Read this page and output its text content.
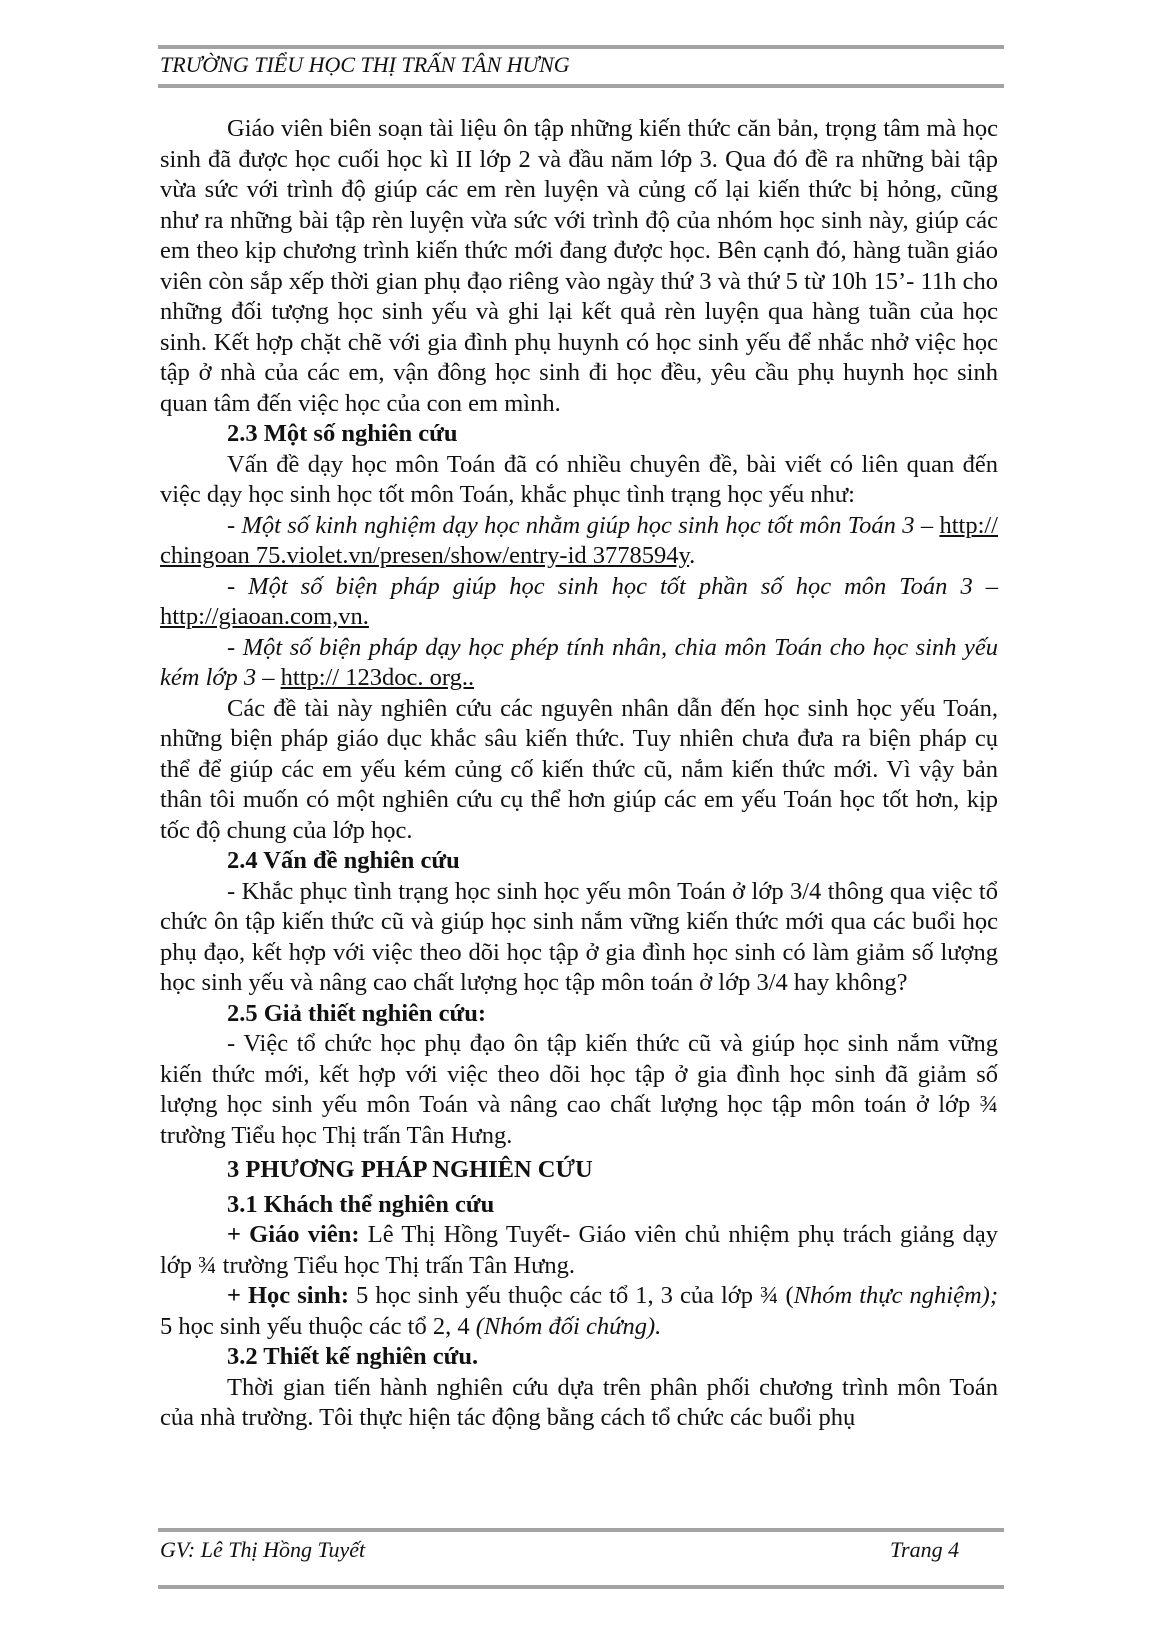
TRƯỜNG TIỂU HỌC THỊ TRẤN TÂN HƯNG

Giáo viên biên soạn tài liệu ôn tập những kiến thức căn bản, trọng tâm mà học sinh đã được học cuối học kì II lớp 2 và đầu năm lớp 3. Qua đó đề ra những bài tập vừa sức với trình độ giúp các em rèn luyện và củng cố lại kiến thức bị hỏng, cũng như ra những bài tập rèn luyện vừa sức với trình độ của nhóm học sinh này, giúp các em theo kịp chương trình kiến thức mới đang được học. Bên cạnh đó, hàng tuần giáo viên còn sắp xếp thời gian phụ đạo riêng vào ngày thứ 3 và thứ 5 từ 10h 15’- 11h cho những đối tượng học sinh yếu và ghi lại kết quả rèn luyện qua hàng tuần của học sinh. Kết hợp chặt chẽ với gia đình phụ huynh có học sinh yếu để nhắc nhở việc học tập ở nhà của các em, vận đông học sinh đi học đều, yêu cầu phụ huynh học sinh quan tâm đến việc học của con em mình.

2.3 Một số nghiên cứu

Vấn đề dạy học môn Toán đã có nhiều chuyên đề, bài viết có liên quan đến việc dạy học sinh học tốt môn Toán, khắc phục tình trạng học yếu như:

- Một số kinh nghiệm dạy học nhằm giúp học sinh học tốt môn Toán 3 – http:// chingoan 75.violet.vn/presen/show/entry-id 3778594y.

- Một số biện pháp giúp học sinh học tốt phần số học môn Toán 3 – http://giaoan.com,vn.

- Một số biện pháp dạy học phép tính nhân, chia môn Toán cho học sinh yếu kém lớp 3 – http:// 123doc. org..

Các đề tài này nghiên cứu các nguyên nhân dẫn đến học sinh học yếu Toán, những biện pháp giáo dục khắc sâu kiến thức. Tuy nhiên chưa đưa ra biện pháp cụ thể để giúp các em yếu kém củng cố kiến thức cũ, nắm kiến thức mới. Vì vậy bản thân tôi muốn có một nghiên cứu cụ thể hơn giúp các em yếu Toán học tốt hơn, kịp tốc độ chung của lớp học.

2.4 Vấn đề nghiên cứu

- Khắc phục tình trạng học sinh học yếu môn Toán ở lớp 3/4 thông qua việc tổ chức ôn tập kiến thức cũ và giúp học sinh nắm vững kiến thức mới qua các buổi học phụ đạo, kết hợp với việc theo dõi học tập ở gia đình học sinh có làm giảm số lượng học sinh yếu và nâng cao chất lượng học tập môn toán ở lớp 3/4 hay không?

2.5 Giả thiết nghiên cứu:

- Việc tổ chức học phụ đạo ôn tập kiến thức cũ và giúp học sinh nắm vững kiến thức mới, kết hợp với việc theo dõi học tập ở gia đình học sinh đã giảm số lượng học sinh yếu môn Toán và nâng cao chất lượng học tập môn toán ở lớp ¾ trường Tiểu học Thị trấn Tân Hưng.

3 PHƯƠNG PHÁP NGHIÊN CỨU

3.1 Khách thể nghiên cứu

+ Giáo viên: Lê Thị Hồng Tuyết- Giáo viên chủ nhiệm phụ trách giảng dạy lớp ¾ trường Tiểu học Thị trấn Tân Hưng.

+ Học sinh: 5 học sinh yếu thuộc các tổ 1, 3 của lớp ¾ (Nhóm thực nghiệm); 5 học sinh yếu thuộc các tổ 2, 4 (Nhóm đối chứng).

3.2 Thiết kế nghiên cứu.

Thời gian tiến hành nghiên cứu dựa trên phân phối chương trình môn Toán của nhà trường. Tôi thực hiện tác động bằng cách tổ chức các buổi phụ

GV: Lê Thị Hồng Tuyết	Trang 4
